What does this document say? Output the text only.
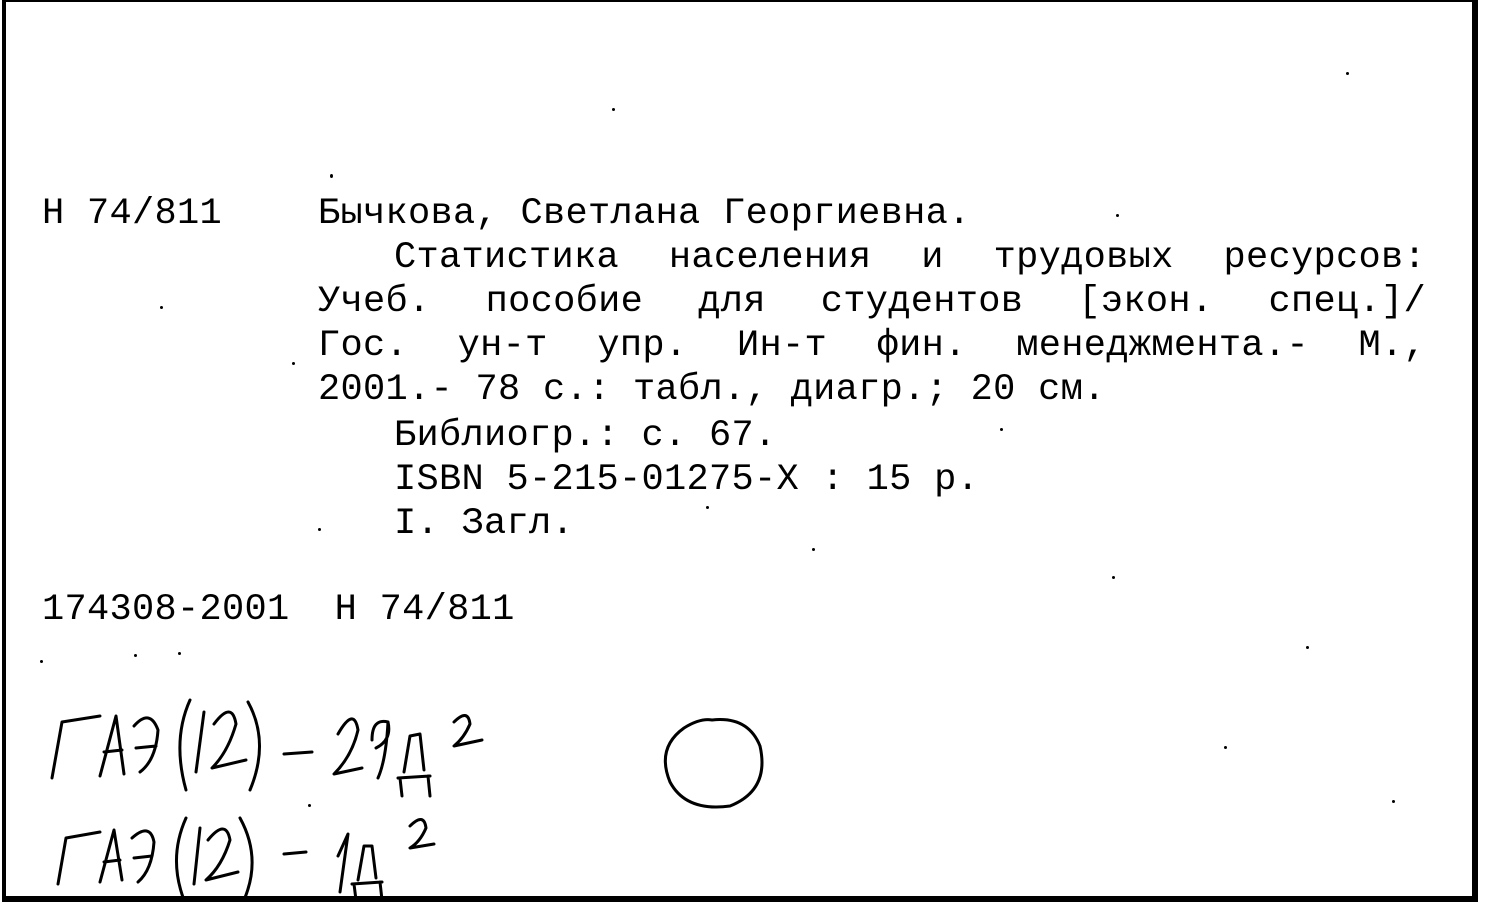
Н 74/811	Бычкова, Светлана Георгиевна.
Статистика населения и трудовых ресурсов:
Учеб. пособие для студентов [экон. спец.]/
Гос. ун-т упр. Ин-т фин. менеджмента.- М.,
2001.- 78 с.: табл., диагр.; 20 см.
Библиогр.: с. 67.
ISBN 5-215-01275-X : 15 р.
I. Загл.
174308-2001 Н 74/811
